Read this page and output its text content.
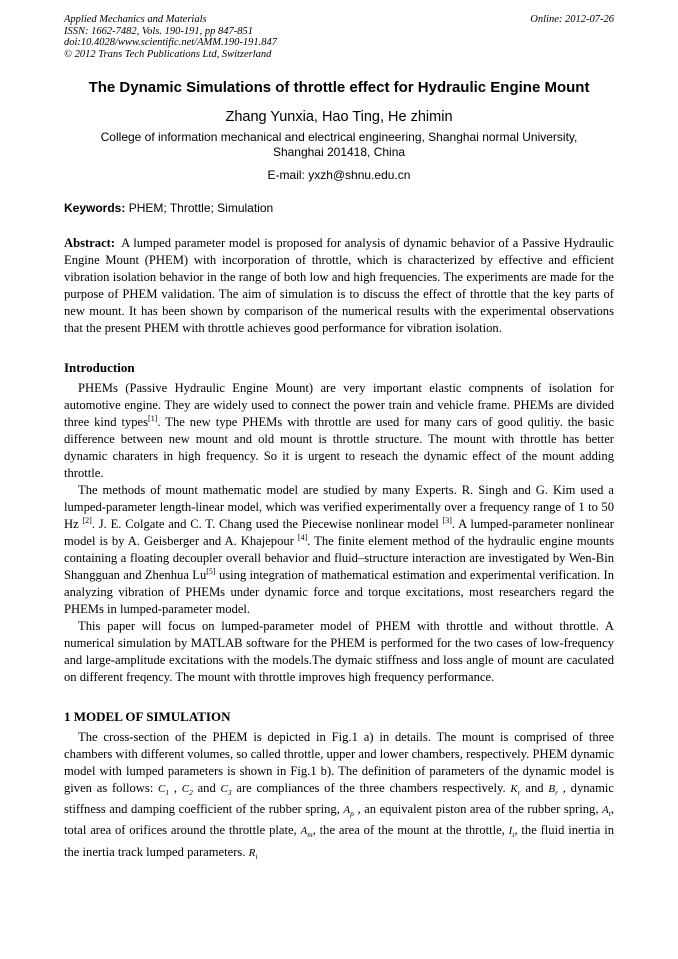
Applied Mechanics and Materials
ISSN: 1662-7482, Vols. 190-191, pp 847-851
doi:10.4028/www.scientific.net/AMM.190-191.847
© 2012 Trans Tech Publications Ltd, Switzerland
Online: 2012-07-26
The Dynamic Simulations of throttle effect for Hydraulic Engine Mount
Zhang Yunxia, Hao Ting, He zhimin
College of information mechanical and electrical engineering, Shanghai normal University,
Shanghai 201418, China
E-mail: yxzh@shnu.edu.cn
Keywords: PHEM; Throttle; Simulation
Abstract: A lumped parameter model is proposed for analysis of dynamic behavior of a Passive Hydraulic Engine Mount (PHEM) with incorporation of throttle, which is characterized by effective and efficient vibration isolation behavior in the range of both low and high frequencies. The experiments are made for the purpose of PHEM validation. The aim of simulation is to discuss the effect of throttle that the key parts of new mount. It has been shown by comparison of the numerical results with the experimental observations that the present PHEM with throttle achieves good performance for vibration isolation.
Introduction

PHEMs (Passive Hydraulic Engine Mount) are very important elastic compnents of isolation for automotive engine. They are widely used to connect the power train and vehicle frame. PHEMs are divided three kind types[1]. The new type PHEMs with throttle are used for many cars of good qulitiy. the basic difference between new mount and old mount is throttle structure. The mount with throttle has better dynamic charaters in high frequency. So it is urgent to reseach the dynamic effect of the mount adding throttle.

The methods of mount mathematic model are studied by many Experts. R. Singh and G. Kim used a lumped-parameter length-linear model, which was verified experimentally over a frequency range of 1 to 50 Hz [2]. J. E. Colgate and C. T. Chang used the Piecewise nonlinear model [3]. A lumped-parameter nonlinear model is by A. Geisberger and A. Khajepour [4]. The finite element method of the hydraulic engine mounts containing a floating decoupler overall behavior and fluid–structure interaction are investigated by Wen-Bin Shangguan and Zhenhua Lu[5] using integration of mathematical estimation and experimental verification. In analyzing vibration of PHEMs under dynamic force and torque excitations, most researchers regard the PHEMs in lumped-parameter model.

This paper will focus on lumped-parameter model of PHEM with throttle and without throttle. A numerical simulation by MATLAB software for the PHEM is performed for the two cases of low-frequency and large-amplitude excitations with the models.The dymaic stiffness and loss angle of mount are caculated on different freqency. The mount with throttle improves high frequency performance.

1 MODEL OF SIMULATION

The cross-section of the PHEM is depicted in Fig.1 a) in details. The mount is comprised of three chambers with different volumes, so called throttle, upper and lower chambers, respectively. PHEM dynamic model with lumped parameters is shown in Fig.1 b). The definition of parameters of the dynamic model is given as follows: $C_1$ , $C_2$ and $C_3$ are compliances of the three chambers respectively. $K_r$ and $B_r$ , dynamic stiffness and damping coefficient of the rubber spring, $A_p$ , an equivalent piston area of the rubber spring, $A_t$, total area of orifices around the throttle plate, $A_m$, the area of the mount at the throttle, $I_t$, the fluid inertia in the inertia track lumped parameters. $R_i$
